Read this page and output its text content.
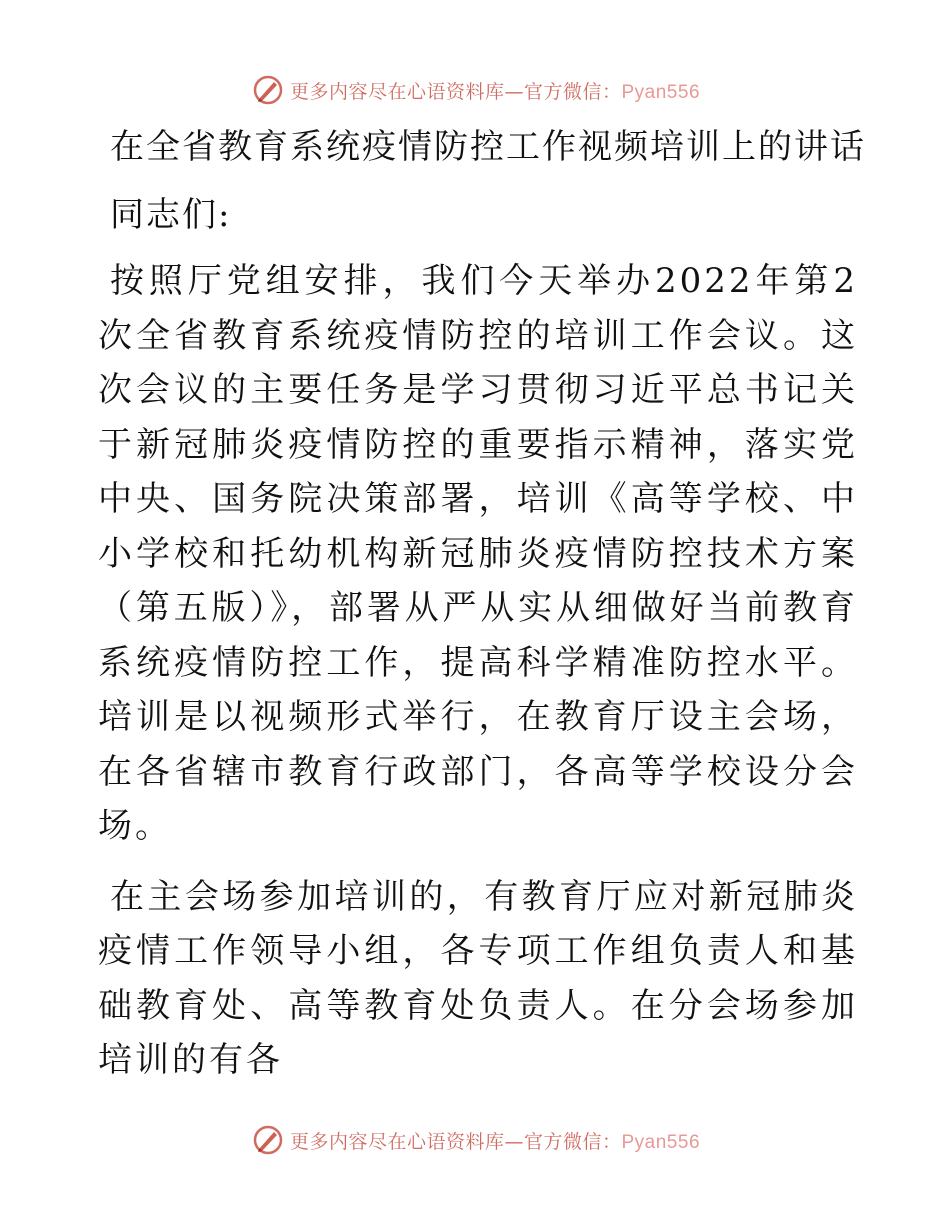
更多内容尽在心语资料库—官方微信：Pyan556
在全省教育系统疫情防控工作视频培训上的讲话

同志们:

按照厅党组安排，我们今天举办2022年第2次全省教育系统疫情防控的培训工作会议。这次会议的主要任务是学习贯彻习近平总书记关于新冠肺炎疫情防控的重要指示精神，落实党中央、国务院决策部署，培训《高等学校、中小学校和托幼机构新冠肺炎疫情防控技术方案（第五版）》，部署从严从实从细做好当前教育系统疫情防控工作，提高科学精准防控水平。培训是以视频形式举行，在教育厅设主会场，在各省辖市教育行政部门，各高等学校设分会场。

在主会场参加培训的，有教育厅应对新冠肺炎疫情工作领导小组，各专项工作组负责人和基础教育处、高等教育处负责人。在分会场参加培训的有各

更多内容尽在心语资料库—官方微信：Pyan556
